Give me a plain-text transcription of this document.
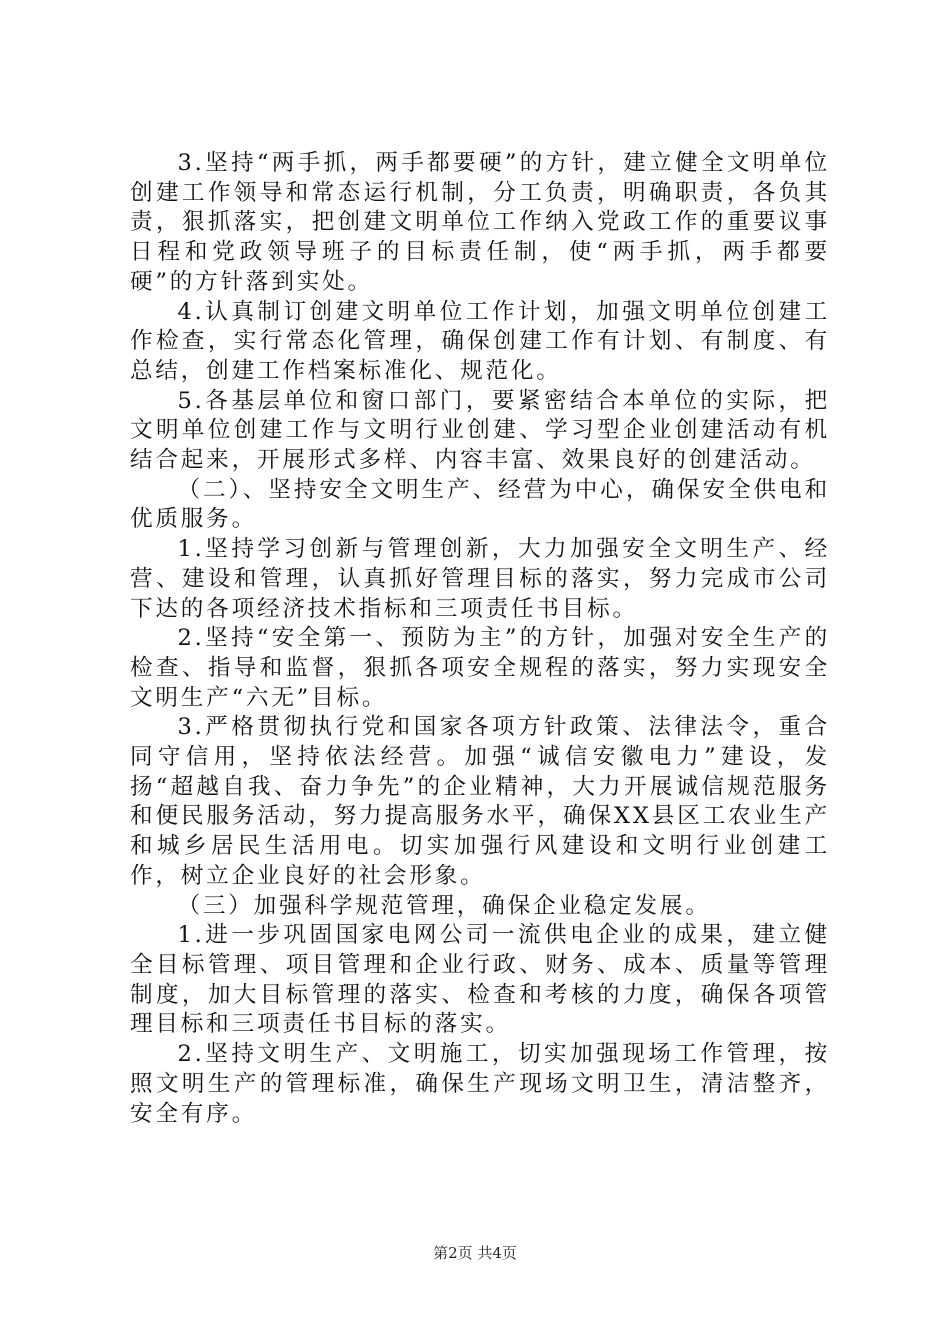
3.坚持“两手抓，两手都要硬”的方针，建立健全文明单位创建工作领导和常态运行机制，分工负责，明确职责，各负其责，狠抓落实，把创建文明单位工作纳入党政工作的重要议事日程和党政领导班子的目标责任制，使“两手抓，两手都要硬”的方针落到实处。

4.认真制订创建文明单位工作计划，加强文明单位创建工作检查，实行常态化管理，确保创建工作有计划、有制度、有总结，创建工作档案标准化、规范化。

5.各基层单位和窗口部门，要紧密结合本单位的实际，把文明单位创建工作与文明行业创建、学习型企业创建活动有机结合起来，开展形式多样、内容丰富、效果良好的创建活动。

（二）、坚持安全文明生产、经营为中心，确保安全供电和优质服务。

1.坚持学习创新与管理创新，大力加强安全文明生产、经营、建设和管理，认真抓好管理目标的落实，努力完成市公司下达的各项经济技术指标和三项责任书目标。

2.坚持“安全第一、预防为主”的方针，加强对安全生产的检查、指导和监督，狠抓各项安全规程的落实，努力实现安全文明生产“六无”目标。

3.严格贯彻执行党和国家各项方针政策、法律法令，重合同守信用，坚持依法经营。加强“诚信安徽电力”建设，发扬“超越自我、奋力争先”的企业精神，大力开展诚信规范服务和便民服务活动，努力提高服务水平，确保XX县区工农业生产和城乡居民生活用电。切实加强行风建设和文明行业创建工作，树立企业良好的社会形象。

（三）加强科学规范管理，确保企业稳定发展。

1.进一步巩固国家电网公司一流供电企业的成果，建立健全目标管理、项目管理和企业行政、财务、成本、质量等管理制度，加大目标管理的落实、检查和考核的力度，确保各项管理目标和三项责任书目标的落实。

2.坚持文明生产、文明施工，切实加强现场工作管理，按照文明生产的管理标准，确保生产现场文明卫生，清洁整齐，安全有序。

第2页 共4页
